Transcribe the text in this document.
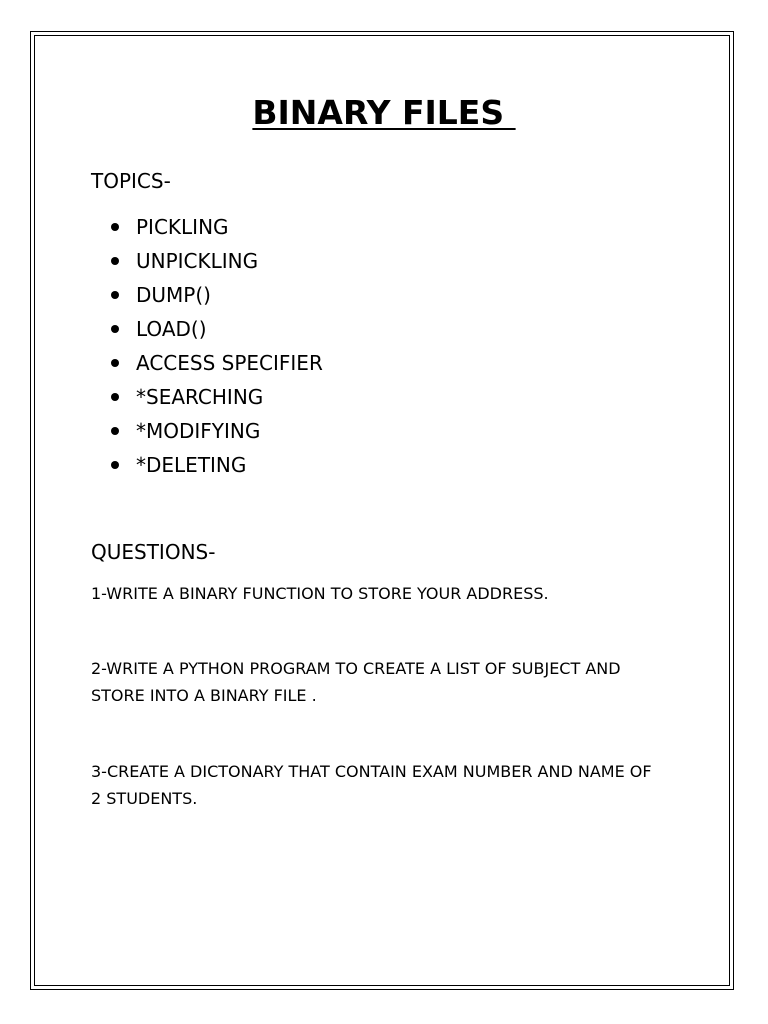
BINARY FILES
TOPICS-
PICKLING
UNPICKLING
DUMP()
LOAD()
ACCESS SPECIFIER
*SEARCHING
*MODIFYING
*DELETING
QUESTIONS-

1-WRITE A BINARY FUNCTION TO STORE YOUR ADDRESS.

2-WRITE A PYTHON PROGRAM TO CREATE A LIST OF SUBJECT AND
STORE INTO A BINARY FILE .

3-CREATE A DICTONARY THAT CONTAIN EXAM NUMBER AND NAME OF
2 STUDENTS.
